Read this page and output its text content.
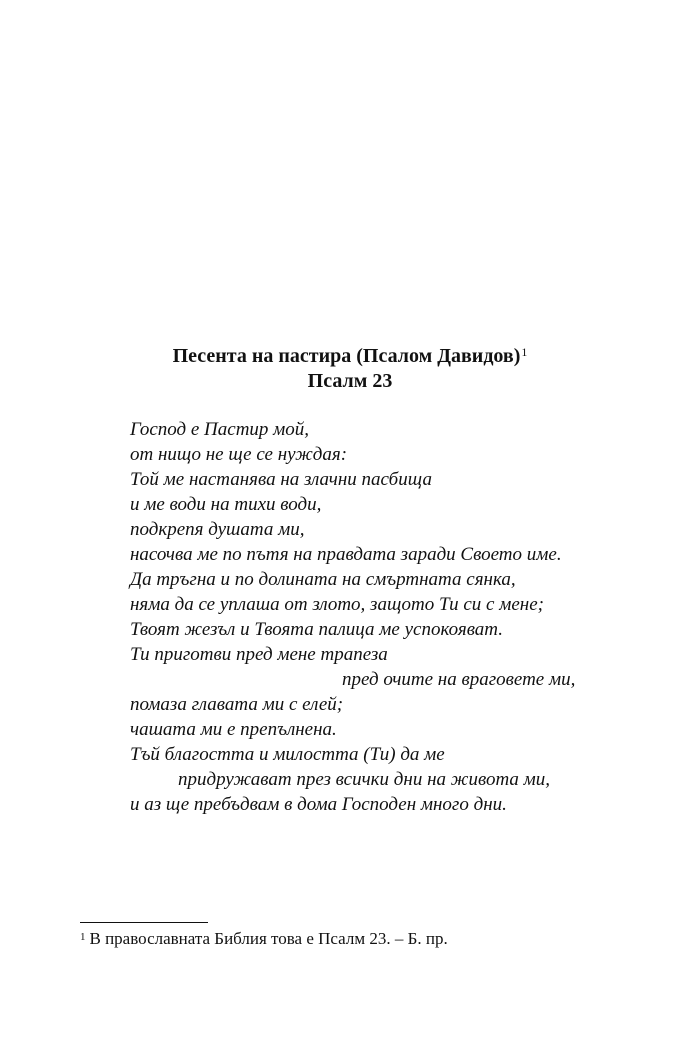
Песента на пастира (Псалом Давидов)$^1$
Псалм 23
Господ е Пастир мой,
от нищо не ще се нуждая:
Той ме настанява на злачни пасбища
и ме води на тихи води,
подкрепя душата ми,
насочва ме по пътя на правдата заради Своето име.
Да тръгна и по долината на смъртната сянка,
няма да се уплаша от злото, защото Ти си с мене;
Твоят жезъл и Твоята палица ме успокояват.
Ти приготви пред мене трапеза
пред очите на враговете ми,
помаза главата ми с елей;
чашата ми е препълнена.
Тъй благостта и милостта (Ти) да ме
придружават през всички дни на живота ми,
и аз ще пребъдвам в дома Господен много дни.
$^1$ В православната Библия това е Псалм 23. – Б. пр.
